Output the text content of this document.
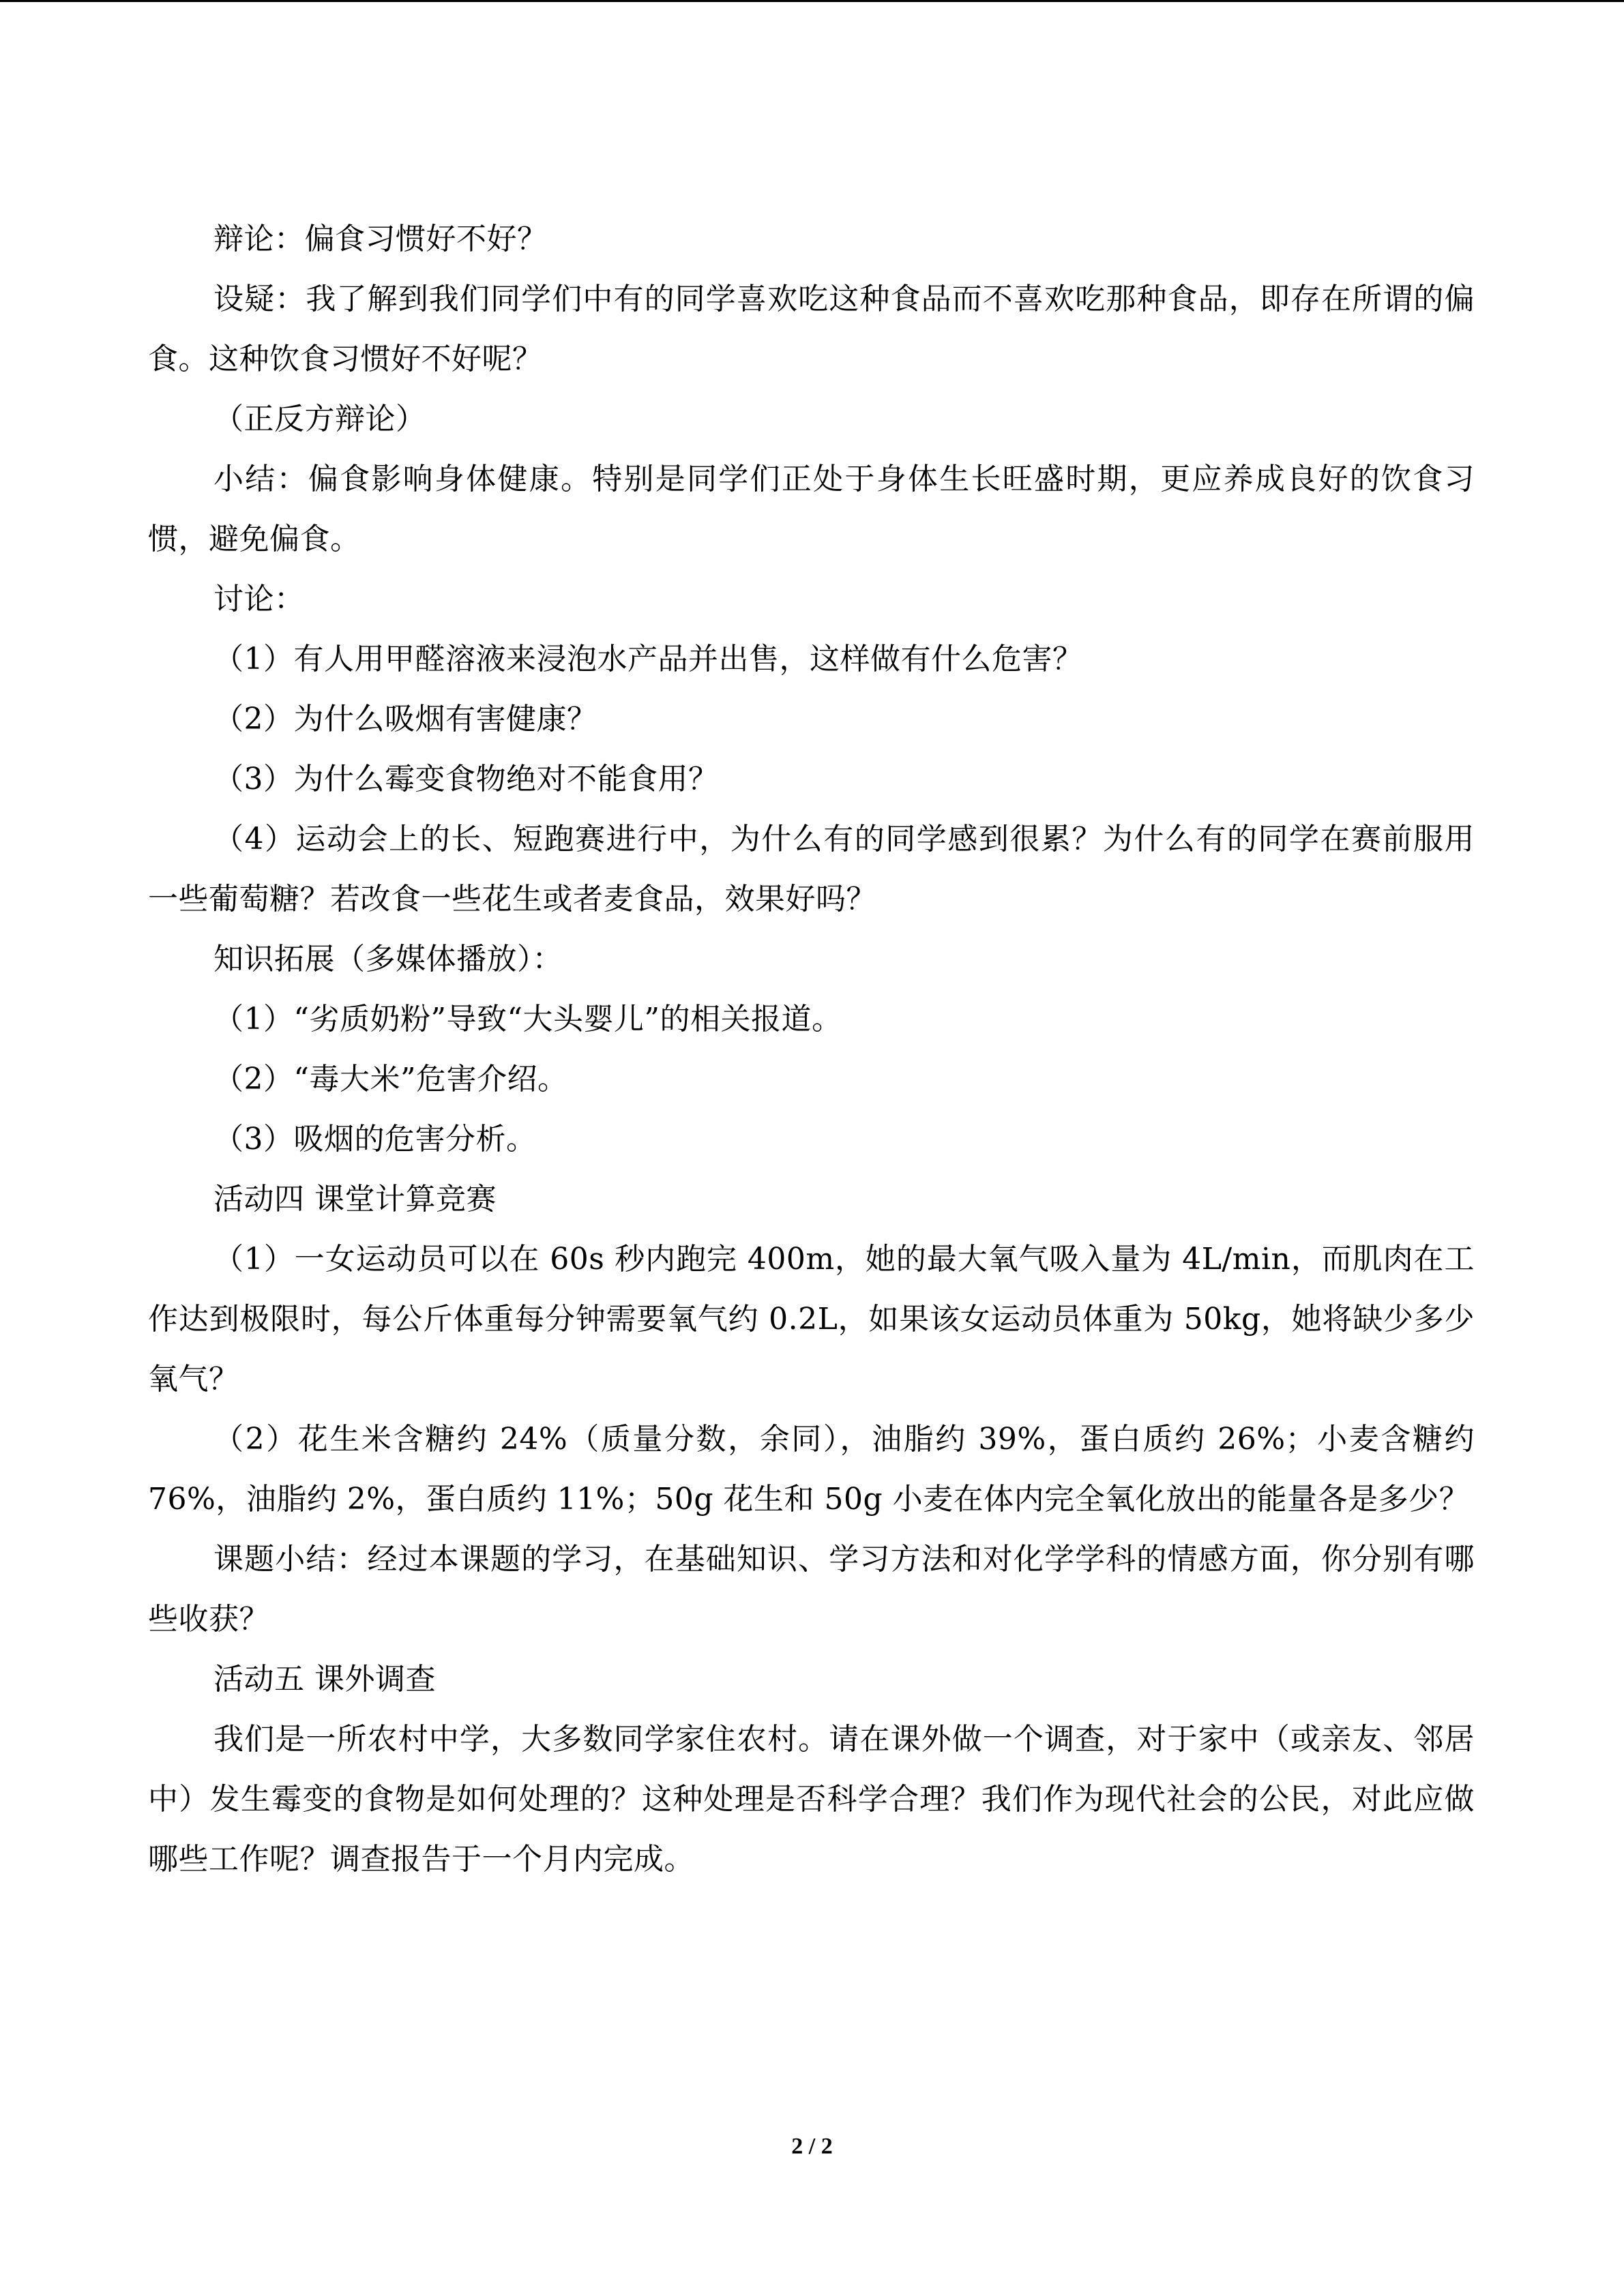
辩论：偏食习惯好不好？

设疑：我了解到我们同学们中有的同学喜欢吃这种食品而不喜欢吃那种食品，即存在所谓的偏食。这种饮食习惯好不好呢？

（正反方辩论）

小结：偏食影响身体健康。特别是同学们正处于身体生长旺盛时期，更应养成良好的饮食习惯，避免偏食。

讨论：

（1）有人用甲醛溶液来浸泡水产品并出售，这样做有什么危害？

（2）为什么吸烟有害健康？

（3）为什么霉变食物绝对不能食用？

（4）运动会上的长、短跑赛进行中，为什么有的同学感到很累？为什么有的同学在赛前服用一些葡萄糖？若改食一些花生或者麦食品，效果好吗？

知识拓展（多媒体播放）：

（1）“劣质奶粉”导致“大头婴儿”的相关报道。

（2）“毒大米”危害介绍。

（3）吸烟的危害分析。

活动四 课堂计算竞赛

（1）一女运动员可以在 60s 秒内跑完 400m，她的最大氧气吸入量为 4L/min，而肌肉在工作达到极限时，每公斤体重每分钟需要氧气约 0.2L，如果该女运动员体重为 50kg，她将缺少多少氧气？

（2）花生米含糖约 24%（质量分数，余同），油脂约 39%，蛋白质约 26%；小麦含糖约 76%，油脂约 2%，蛋白质约 11%；50g 花生和 50g 小麦在体内完全氧化放出的能量各是多少？

课题小结：经过本课题的学习，在基础知识、学习方法和对化学学科的情感方面，你分别有哪些收获？

活动五 课外调查

我们是一所农村中学，大多数同学家住农村。请在课外做一个调查，对于家中（或亲友、邻居中）发生霉变的食物是如何处理的？这种处理是否科学合理？我们作为现代社会的公民，对此应做哪些工作呢？调查报告于一个月内完成。

2 / 2
